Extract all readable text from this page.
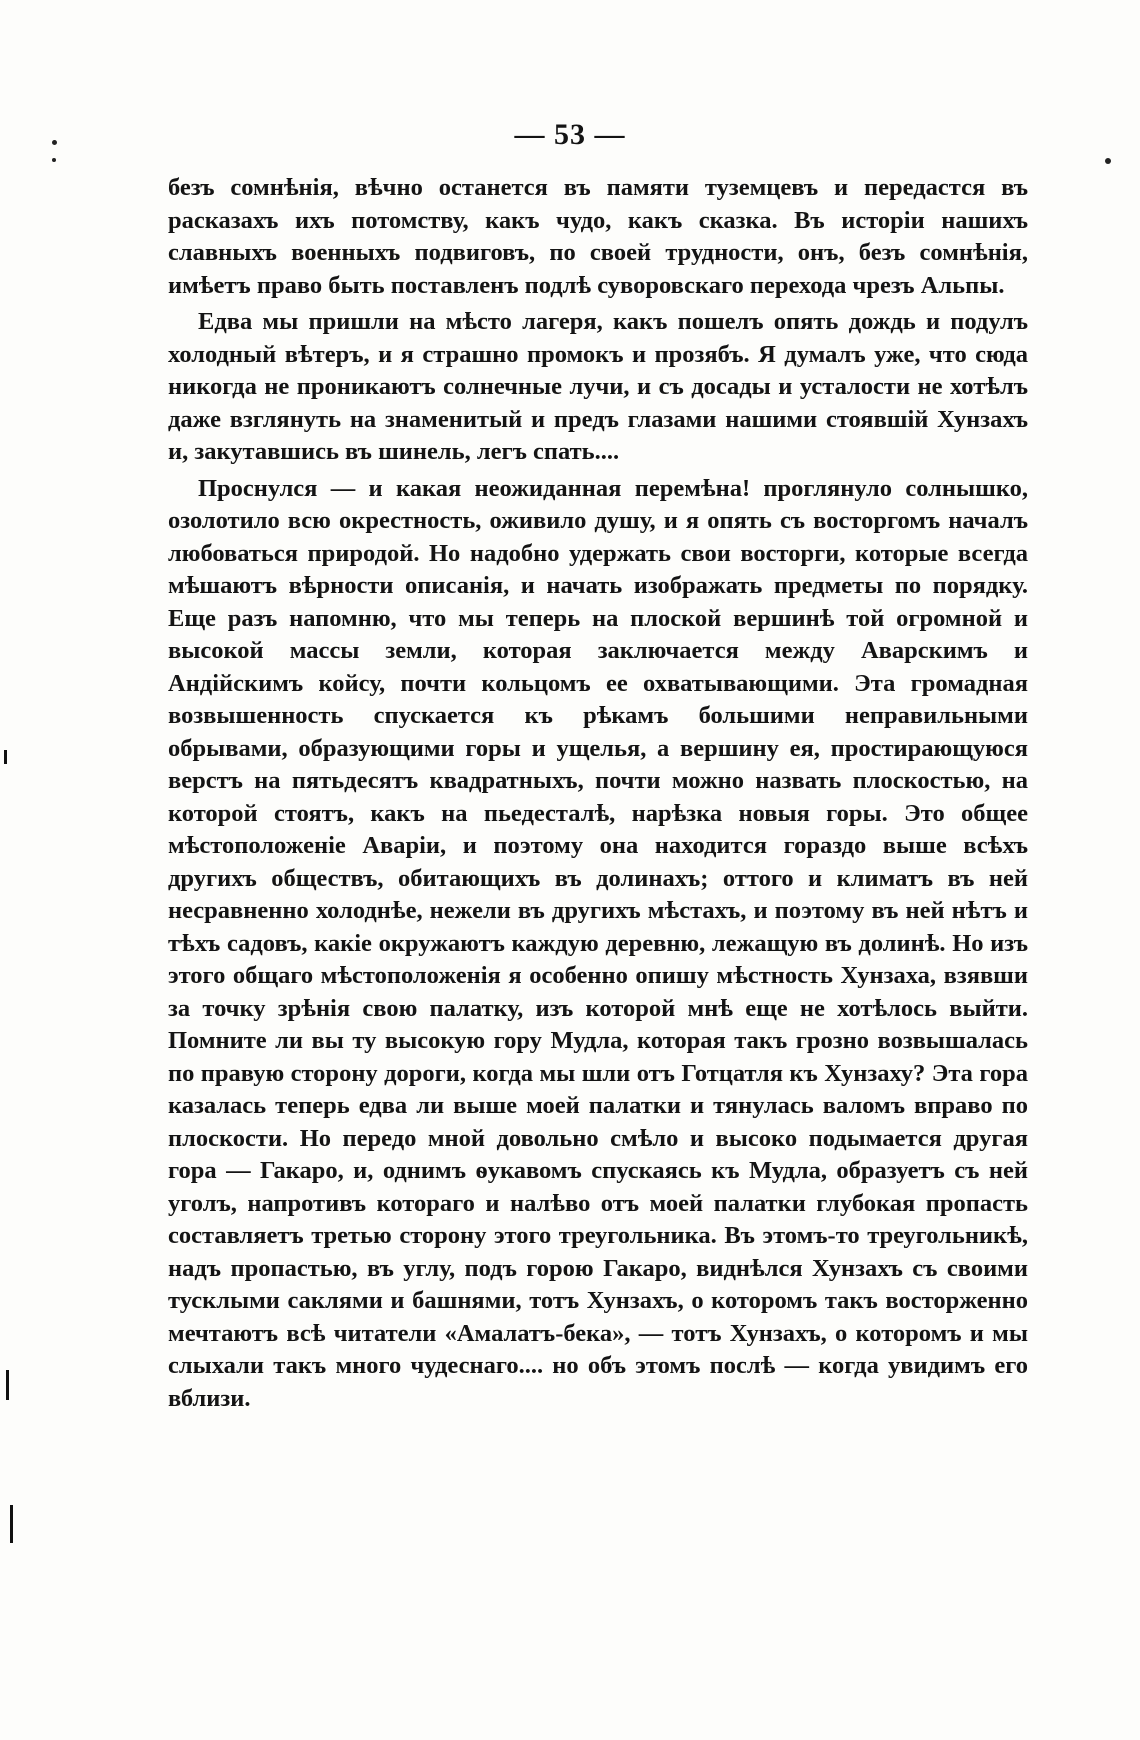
— 53 —

безъ сомнѣнія, вѣчно останется въ памяти туземцевъ и передастся въ расказахъ ихъ потомству, какъ чудо, какъ сказка. Въ исторіи нашихъ славныхъ военныхъ подвиговъ, по своей трудности, онъ, безъ сомнѣнія, имѣетъ право быть поставленъ подлѣ суворовскаго перехода чрезъ Альпы.

Едва мы пришли на мѣсто лагеря, какъ пошелъ опять дождь и подулъ холодный вѣтеръ, и я страшно промокъ и прозябъ. Я думалъ уже, что сюда никогда не проникаютъ солнечные лучи, и съ досады и усталости не хотѣлъ даже взглянуть на знаменитый и предъ глазами нашими стоявшій Хунзахъ и, закутавшись въ шинель, легъ спать....

Проснулся — и какая неожиданная перемѣна! проглянуло солнышко, озолотило всю окрестность, оживило душу, и я опять съ восторгомъ началъ любоваться природой. Но надобно удержать свои восторги, которые всегда мѣшаютъ вѣрности описанія, и начать изображать предметы по порядку. Еще разъ напомню, что мы теперь на плоской вершинѣ той огромной и высокой массы земли, которая заключается между Аварскимъ и Андійскимъ койсу, почти кольцомъ ее охватывающими. Эта громадная возвышенность спускается къ рѣкамъ большими неправильными обрывами, образующими горы и ущелья, а вершину ея, простирающуюся верстъ на пятьдесятъ квадратныхъ, почти можно назвать плоскостью, на которой стоятъ, какъ на пьедесталѣ, нарѣзка новыя горы. Это общее мѣстоположеніе Аваріи, и поэтому она находится гораздо выше всѣхъ другихъ обществъ, обитающихъ въ долинахъ; оттого и климатъ въ ней несравненно холоднѣе, нежели въ другихъ мѣстахъ, и поэтому въ ней нѣтъ и тѣхъ садовъ, какіе окружаютъ каждую деревню, лежащую въ долинѣ. Но изъ этого общаго мѣстоположенія я особенно опишу мѣстность Хунзаха, взявши за точку зрѣнія свою палатку, изъ которой мнѣ еще не хотѣлось выйти. Помните ли вы ту высокую гору Мудла, которая такъ грозно возвышалась по правую сторону дороги, когда мы шли отъ Готцатля къ Хунзаху? Эта гора казалась теперь едва ли выше моей палатки и тянулась валомъ вправо по плоскости. Но передо мной довольно смѣло и высоко подымается другая гора — Гакаро, и, однимъ ѳукавомъ спускаясь къ Мудла, образуетъ съ ней уголъ, напротивъ котораго и налѣво отъ моей палатки глубокая пропасть составляетъ третью сторону этого треугольника. Въ этомъ-то треугольникѣ, надъ пропастью, въ углу, подъ горою Гакаро, виднѣлся Хунзахъ съ своими тусклыми саклями и башнями, тотъ Хунзахъ, о которомъ такъ восторженно мечтаютъ всѣ читатели «Амалатъ-бека», — тотъ Хунзахъ, о которомъ и мы слыхали такъ много чудеснаго.... но объ этомъ послѣ — когда увидимъ его вблизи.
